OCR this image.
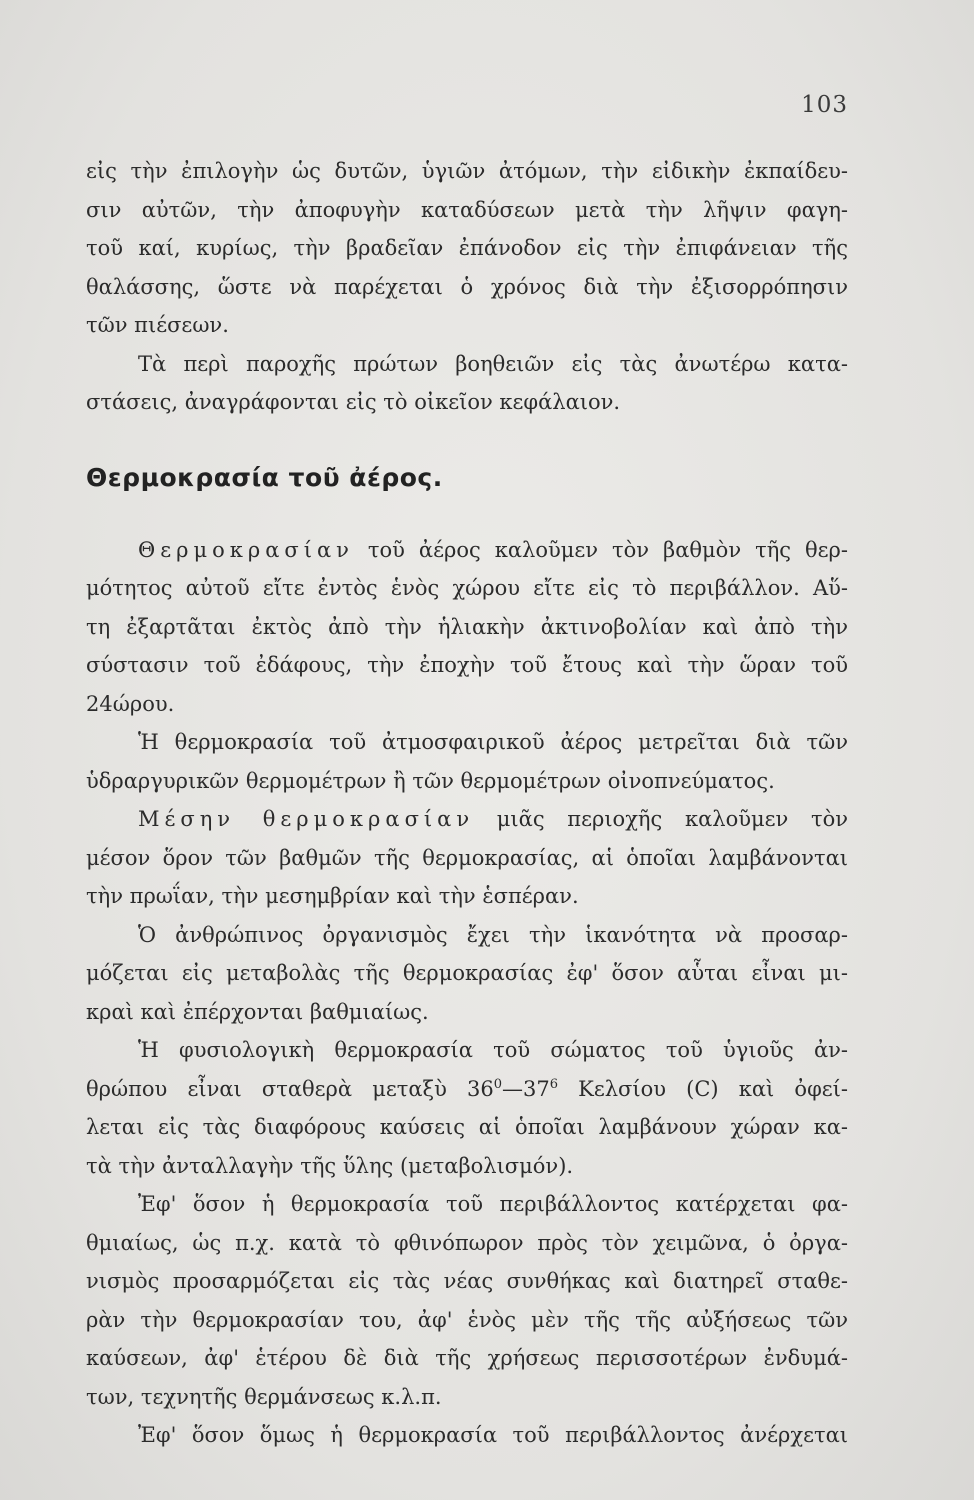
103
εἰς τὴν ἐπιλογὴν ὡς δυτῶν, ὑγιῶν ἀτόμων, τὴν εἰδικὴν ἐκπαίδευ-
σιν αὐτῶν, τὴν ἀποφυγὴν καταδύσεων μετὰ τὴν λῆψιν φαγη-
τοῦ καί, κυρίως, τὴν βραδεῖαν ἐπάνοδον εἰς τὴν ἐπιφάνειαν τῆς
θαλάσσης, ὥστε νὰ παρέχεται ὁ χρόνος διὰ τὴν ἐξισορρόπησιν
τῶν πιέσεων.
Τὰ περὶ παροχῆς πρώτων βοηθειῶν εἰς τὰς ἀνωτέρω κατα-
στάσεις, ἀναγράφονται εἰς τὸ οἰκεῖον κεφάλαιον.
Θερμοκρασία τοῦ ἀέρος.
Θερμοκρασίαν τοῦ ἀέρος καλοῦμεν τὸν βαθμὸν τῆς θερ-
μότητος αὐτοῦ εἴτε ἐντὸς ἑνὸς χώρου εἴτε εἰς τὸ περιβάλλον. Αὕ-
τη ἐξαρτᾶται ἐκτὸς ἀπὸ τὴν ἡλιακὴν ἀκτινοβολίαν καὶ ἀπὸ τὴν
σύστασιν τοῦ ἐδάφους, τὴν ἐποχὴν τοῦ ἔτους καὶ τὴν ὥραν τοῦ
24ώρου.
Ἡ θερμοκρασία τοῦ ἀτμοσφαιρικοῦ ἀέρος μετρεῖται διὰ τῶν
ὑδραργυρικῶν θερμομέτρων ἢ τῶν θερμομέτρων οἰνοπνεύματος.
Μέσην θερμοκρασίαν μιᾶς περιοχῆς καλοῦμεν τὸν
μέσον ὅρον τῶν βαθμῶν τῆς θερμοκρασίας, αἱ ὁποῖαι λαμβάνονται
τὴν πρωΐαν, τὴν μεσημβρίαν καὶ τὴν ἑσπέραν.
Ὁ ἀνθρώπινος ὀργανισμὸς ἔχει τὴν ἱκανότητα νὰ προσαρ-
μόζεται εἰς μεταβολὰς τῆς θερμοκρασίας ἐφ' ὅσον αὗται εἶναι μι-
κραὶ καὶ ἐπέρχονται βαθμιαίως.
Ἡ φυσιολογικὴ θερμοκρασία τοῦ σώματος τοῦ ὑγιοῦς ἀν-
θρώπου εἶναι σταθερὰ μεταξὺ $36^0—37^6$ Κελσίου (C) καὶ ὀφεί-
λεται εἰς τὰς διαφόρους καύσεις αἱ ὁποῖαι λαμβάνουν χώραν κα-
τὰ τὴν ἀνταλλαγὴν τῆς ὕλης (μεταβολισμόν).
Ἐφ' ὅσον ἡ θερμοκρασία τοῦ περιβάλλοντος κατέρχεται φα-
θμιαίως, ὡς π.χ. κατὰ τὸ φθινόπωρον πρὸς τὸν χειμῶνα, ὁ ὀργα-
νισμὸς προσαρμόζεται εἰς τὰς νέας συνθήκας καὶ διατηρεῖ σταθε-
ρὰν τὴν θερμοκρασίαν του, ἀφ' ἑνὸς μὲν τῆς τῆς αὐξήσεως τῶν
καύσεων, ἀφ' ἑτέρου δὲ διὰ τῆς χρήσεως περισσοτέρων ἐνδυμά-
των, τεχνητῆς θερμάνσεως κ.λ.π.
Ἐφ' ὅσον ὅμως ἡ θερμοκρασία τοῦ περιβάλλοντος ἀνέρχεται
